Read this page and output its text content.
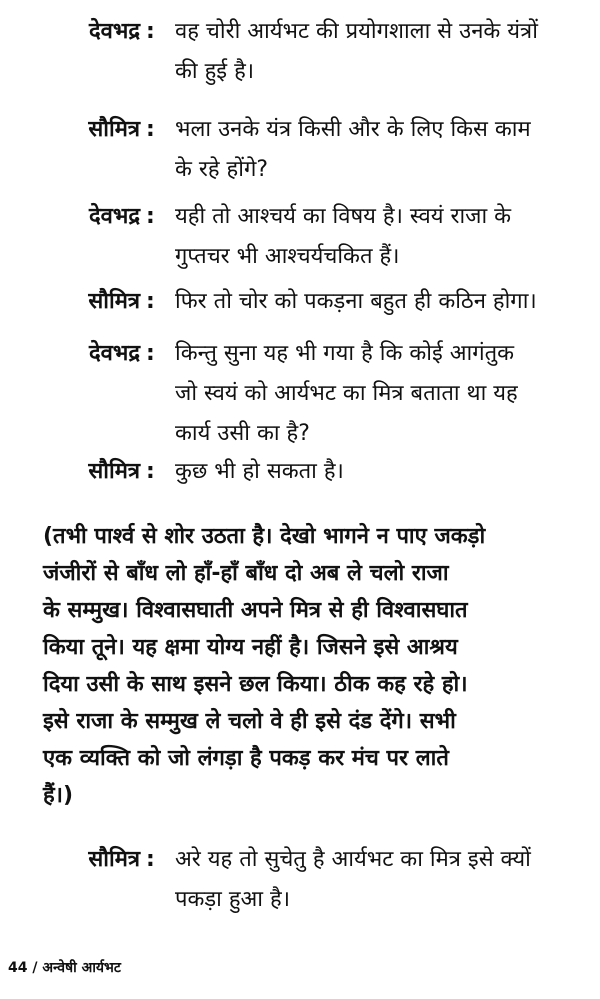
देवभद्र : वह चोरी आर्यभट की प्रयोगशाला से उनके यंत्रों
की हुई है।
सौमित्र : भला उनके यंत्र किसी और के लिए किस काम
के रहे होंगे?
देवभद्र : यही तो आश्चर्य का विषय है। स्वयं राजा के
गुप्तचर भी आश्चर्यचकित हैं।
सौमित्र : फिर तो चोर को पकड़ना बहुत ही कठिन होगा।
देवभद्र : किन्तु सुना यह भी गया है कि कोई आगंतुक
जो स्वयं को आर्यभट का मित्र बताता था यह
कार्य उसी का है?
सौमित्र : कुछ भी हो सकता है।
(तभी पार्श्व से शोर उठता है। देखो भागने न पाए जकड़ो
जंजीरों से बाँध लो हाँ-हाँ बाँध दो अब ले चलो राजा
के सम्मुख। विश्वासघाती अपने मित्र से ही विश्वासघात
किया तूने। यह क्षमा योग्य नहीं है। जिसने इसे आश्रय
दिया उसी के साथ इसने छल किया। ठीक कह रहे हो।
इसे राजा के सम्मुख ले चलो वे ही इसे दंड देंगे। सभी
एक व्यक्ति को जो लंगड़ा है पकड़ कर मंच पर लाते
हैं।)
सौमित्र : अरे यह तो सुचेतु है आर्यभट का मित्र इसे क्यों
पकड़ा हुआ है।
44 / अन्वेषी आर्यभट
